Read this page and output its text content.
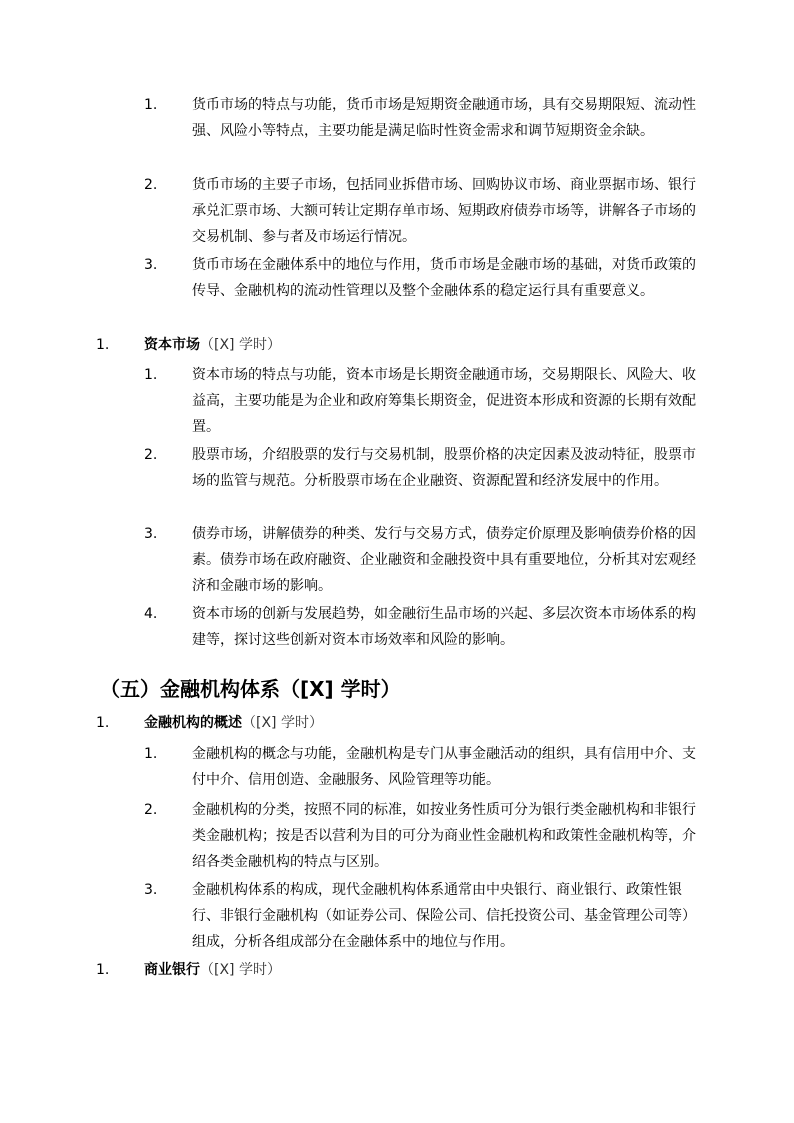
1.	货币市场的特点与功能，货币市场是短期资金融通市场，具有交易期限短、流动性强、风险小等特点，主要功能是满足临时性资金需求和调节短期资金余缺。

2.	货币市场的主要子市场，包括同业拆借市场、回购协议市场、商业票据市场、银行承兑汇票市场、大额可转让定期存单市场、短期政府债券市场等，讲解各子市场的交易机制、参与者及市场运行情况。

3.	货币市场在金融体系中的地位与作用，货币市场是金融市场的基础，对货币政策的传导、金融机构的流动性管理以及整个金融体系的稳定运行具有重要意义。

1.	资本市场（[X] 学时）
1.	资本市场的特点与功能，资本市场是长期资金融通市场，交易期限长、风险大、收益高，主要功能是为企业和政府筹集长期资金，促进资本形成和资源的长期有效配置。

2.	股票市场，介绍股票的发行与交易机制，股票价格的决定因素及波动特征，股票市场的监管与规范。分析股票市场在企业融资、资源配置和经济发展中的作用。

3.	债券市场，讲解债券的种类、发行与交易方式，债券定价原理及影响债券价格的因素。债券市场在政府融资、企业融资和金融投资中具有重要地位，分析其对宏观经济和金融市场的影响。

4.	资本市场的创新与发展趋势，如金融衍生品市场的兴起、多层次资本市场体系的构建等，探讨这些创新对资本市场效率和风险的影响。

（五）金融机构体系（[X] 学时）
1.	金融机构的概述（[X] 学时）
1.	金融机构的概念与功能，金融机构是专门从事金融活动的组织，具有信用中介、支付中介、信用创造、金融服务、风险管理等功能。

2.	金融机构的分类，按照不同的标准，如按业务性质可分为银行类金融机构和非银行类金融机构；按是否以营利为目的可分为商业性金融机构和政策性金融机构等，介绍各类金融机构的特点与区别。

3.	金融机构体系的构成，现代金融机构体系通常由中央银行、商业银行、政策性银行、非银行金融机构（如证券公司、保险公司、信托投资公司、基金管理公司等）组成，分析各组成部分在金融体系中的地位与作用。

1.	商业银行（[X] 学时）
